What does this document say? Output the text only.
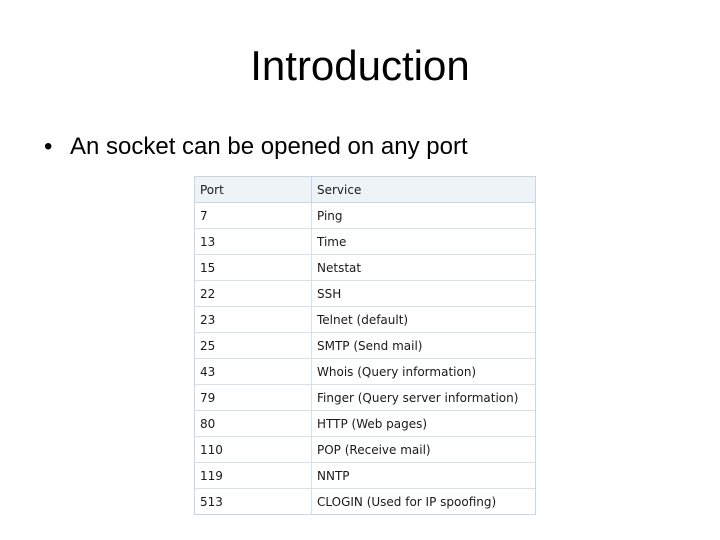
Introduction
• An socket can be opened on any port
Port	Service
7	Ping
13	Time
15	Netstat
22	SSH
23	Telnet (default)
25	SMTP (Send mail)
43	Whois (Query information)
79	Finger (Query server information)
80	HTTP (Web pages)
110	POP (Receive mail)
119	NNTP
513	CLOGIN (Used for IP spoofing)
